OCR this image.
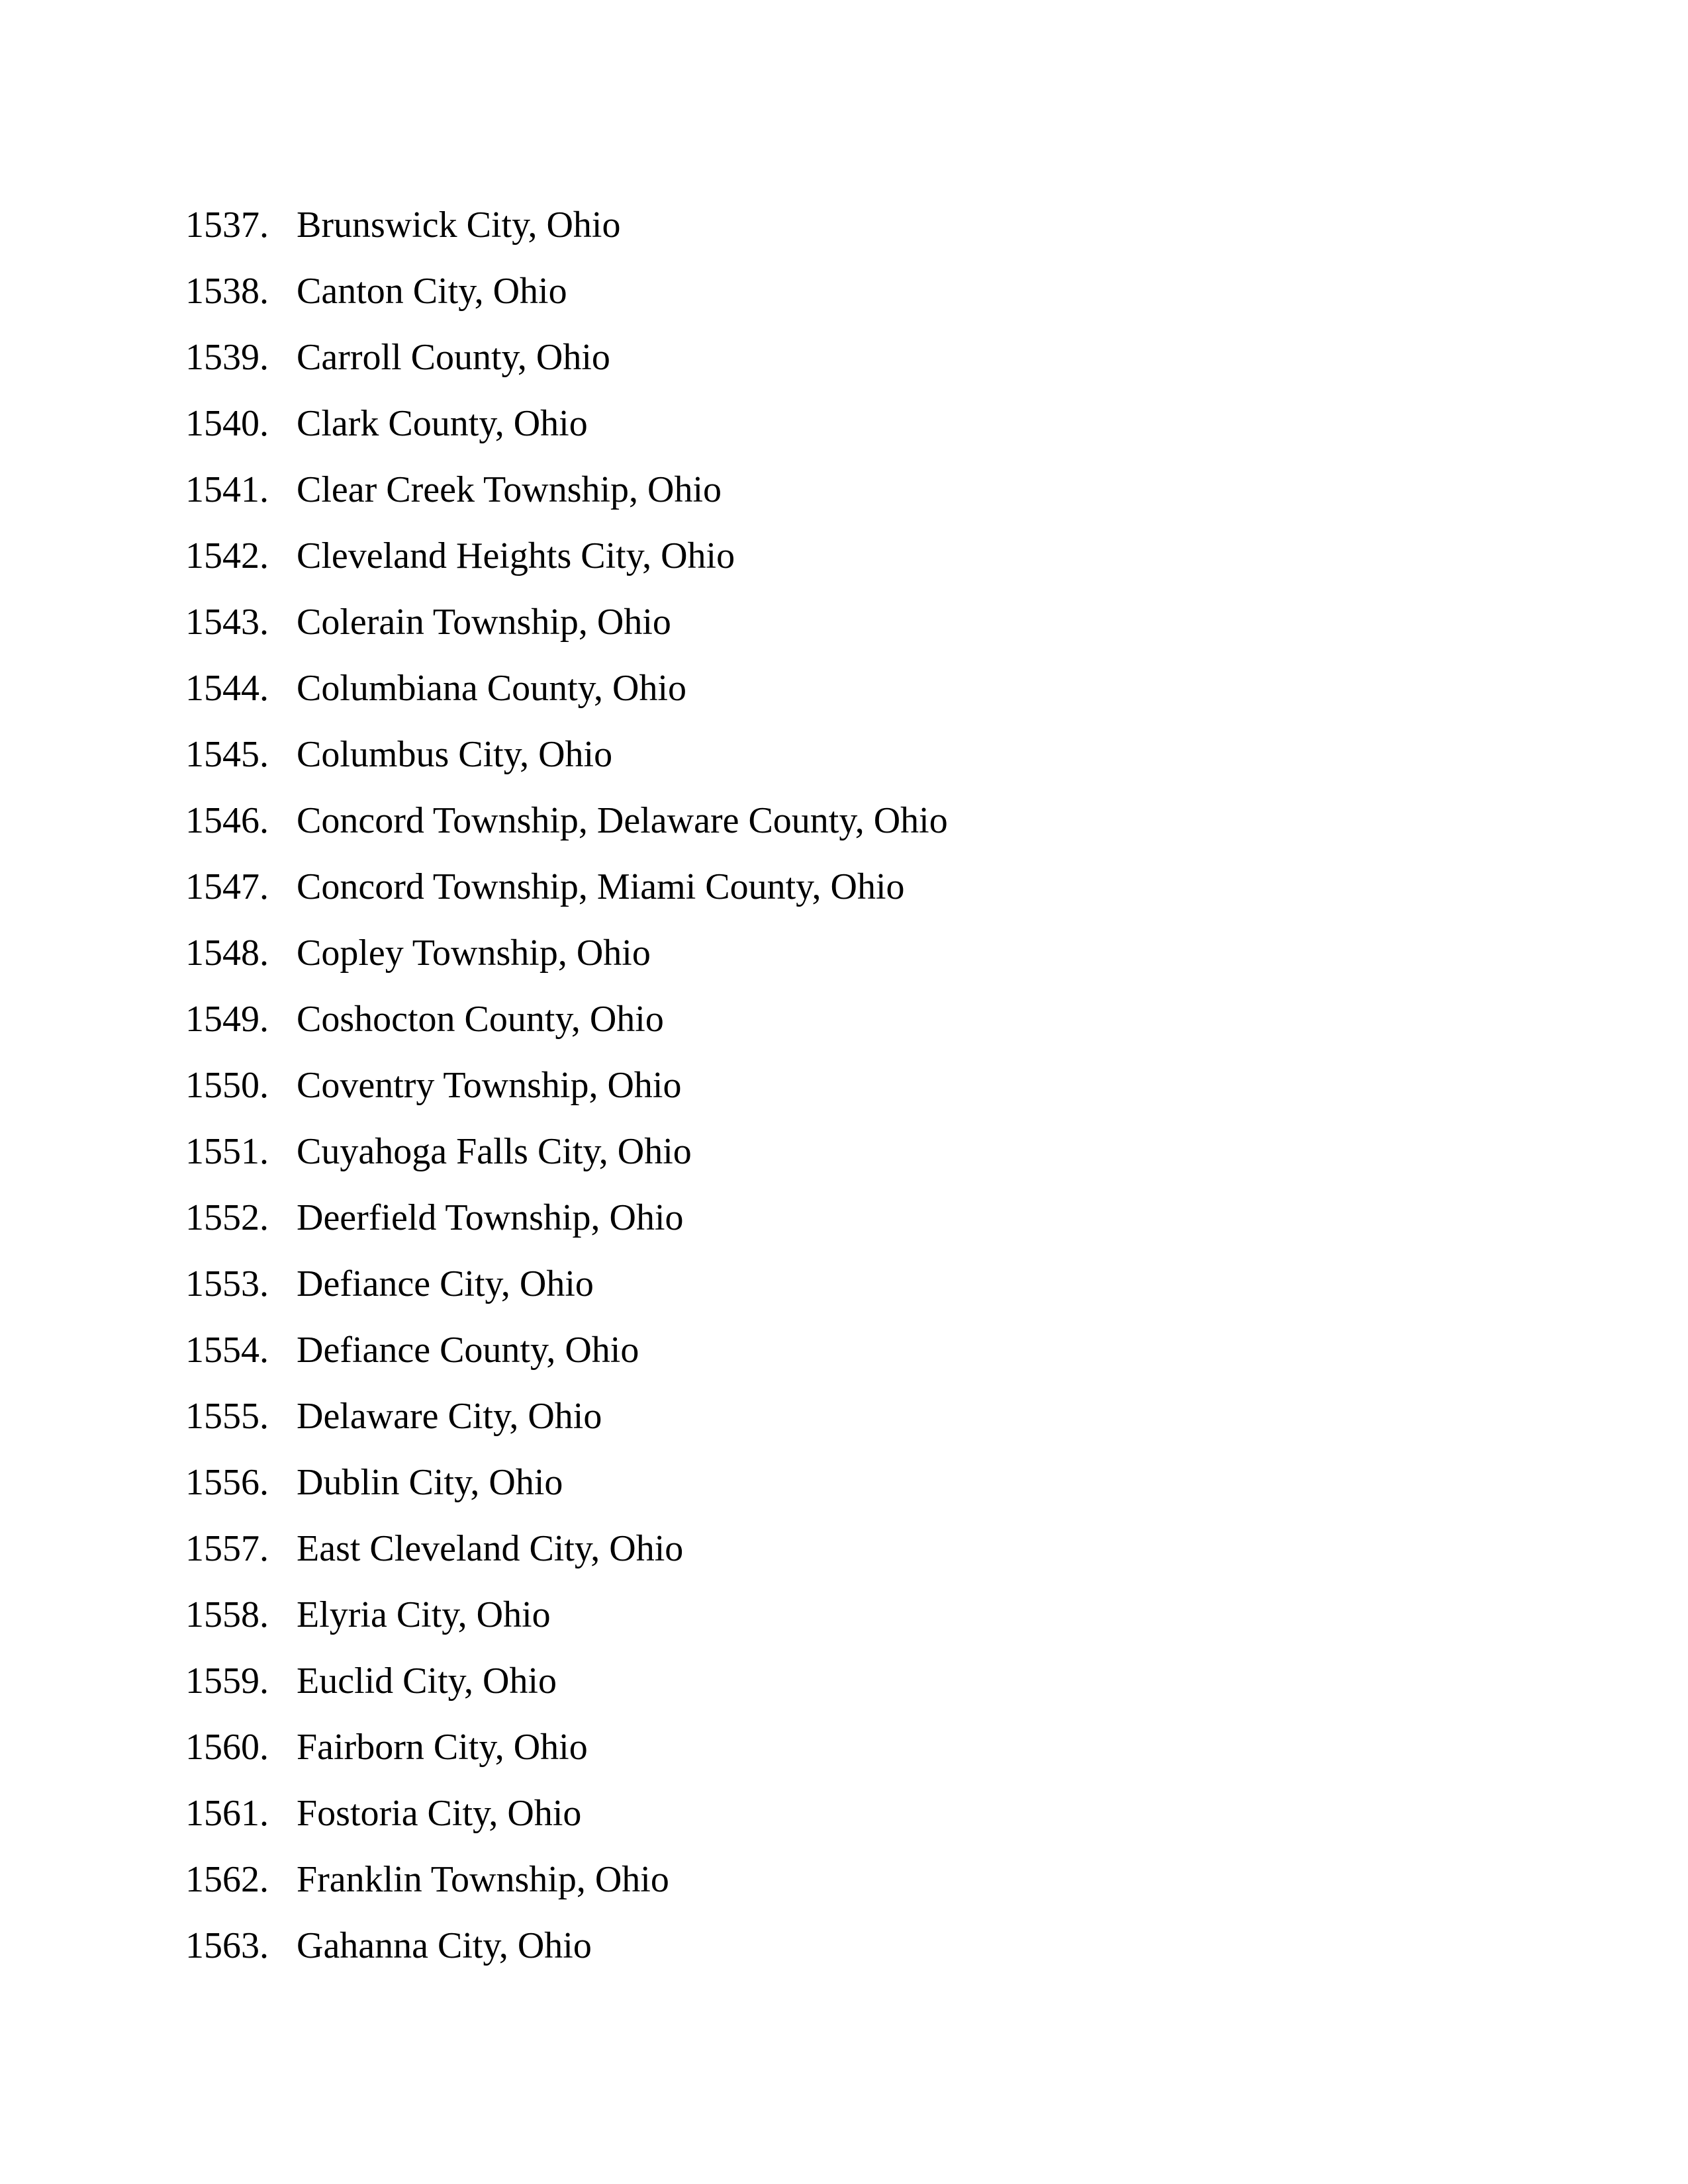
1537. Brunswick City, Ohio
1538. Canton City, Ohio
1539. Carroll County, Ohio
1540. Clark County, Ohio
1541. Clear Creek Township, Ohio
1542. Cleveland Heights City, Ohio
1543. Colerain Township, Ohio
1544. Columbiana County, Ohio
1545. Columbus City, Ohio
1546. Concord Township, Delaware County, Ohio
1547. Concord Township, Miami County, Ohio
1548. Copley Township, Ohio
1549. Coshocton County, Ohio
1550. Coventry Township, Ohio
1551. Cuyahoga Falls City, Ohio
1552. Deerfield Township, Ohio
1553. Defiance City, Ohio
1554. Defiance County, Ohio
1555. Delaware City, Ohio
1556. Dublin City, Ohio
1557. East Cleveland City, Ohio
1558. Elyria City, Ohio
1559. Euclid City, Ohio
1560. Fairborn City, Ohio
1561. Fostoria City, Ohio
1562. Franklin Township, Ohio
1563. Gahanna City, Ohio
